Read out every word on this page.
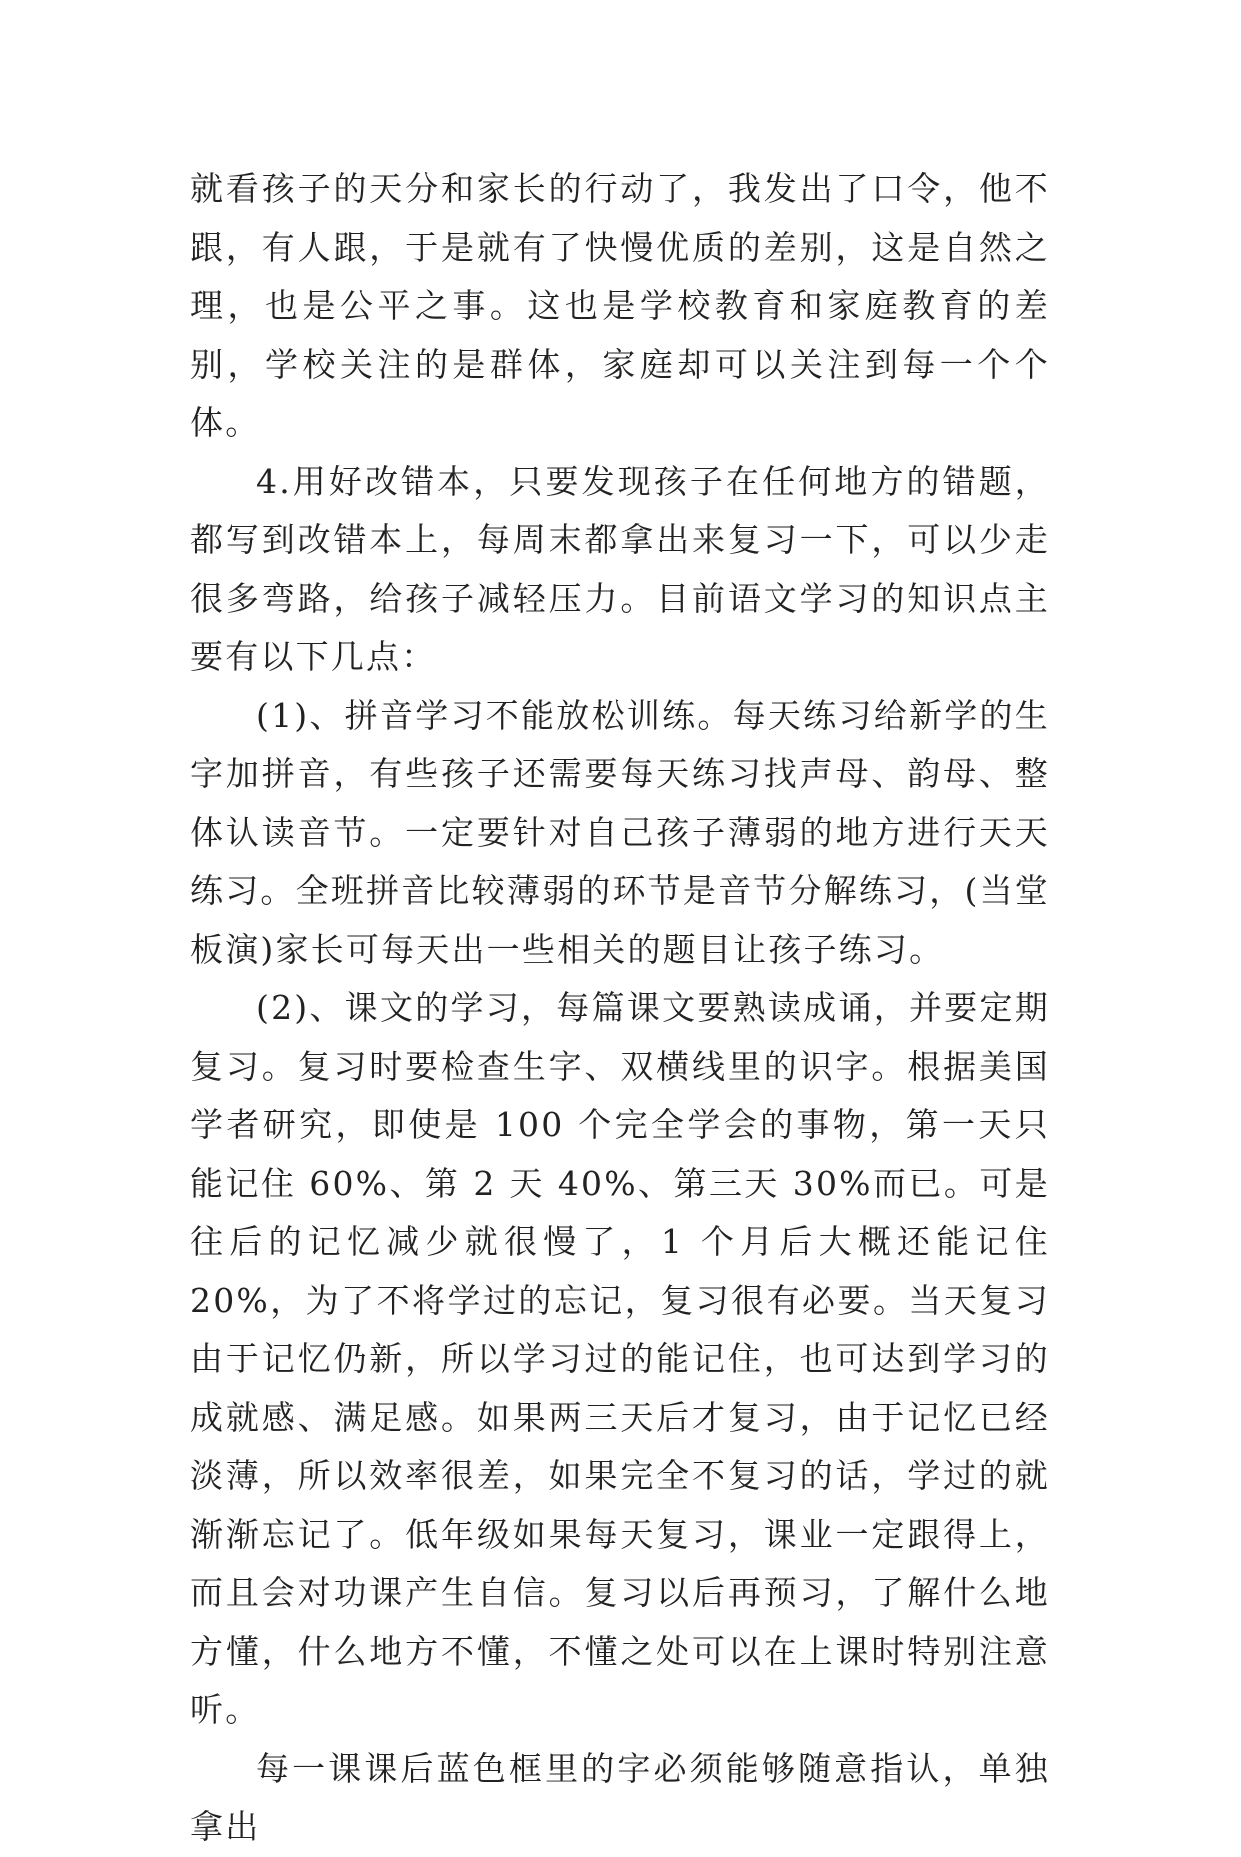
就看孩子的天分和家长的行动了，我发出了口令，他不跟，有人跟，于是就有了快慢优质的差别，这是自然之理，也是公平之事。这也是学校教育和家庭教育的差别，学校关注的是群体，家庭却可以关注到每一个个体。

4.用好改错本，只要发现孩子在任何地方的错题，都写到改错本上，每周末都拿出来复习一下，可以少走很多弯路，给孩子减轻压力。目前语文学习的知识点主要有以下几点：

(1)、拼音学习不能放松训练。每天练习给新学的生字加拼音，有些孩子还需要每天练习找声母、韵母、整体认读音节。一定要针对自己孩子薄弱的地方进行天天练习。全班拼音比较薄弱的环节是音节分解练习，(当堂板演)家长可每天出一些相关的题目让孩子练习。

(2)、课文的学习，每篇课文要熟读成诵，并要定期复习。复习时要检查生字、双横线里的识字。根据美国学者研究，即使是 100 个完全学会的事物，第一天只能记住 60%、第 2 天 40%、第三天 30%而已。可是往后的记忆减少就很慢了，1 个月后大概还能记住 20%，为了不将学过的忘记，复习很有必要。当天复习由于记忆仍新，所以学习过的能记住，也可达到学习的成就感、满足感。如果两三天后才复习，由于记忆已经淡薄，所以效率很差，如果完全不复习的话，学过的就渐渐忘记了。低年级如果每天复习，课业一定跟得上，而且会对功课产生自信。复习以后再预习，了解什么地方懂，什么地方不懂，不懂之处可以在上课时特别注意听。

每一课课后蓝色框里的字必须能够随意指认，单独拿出
